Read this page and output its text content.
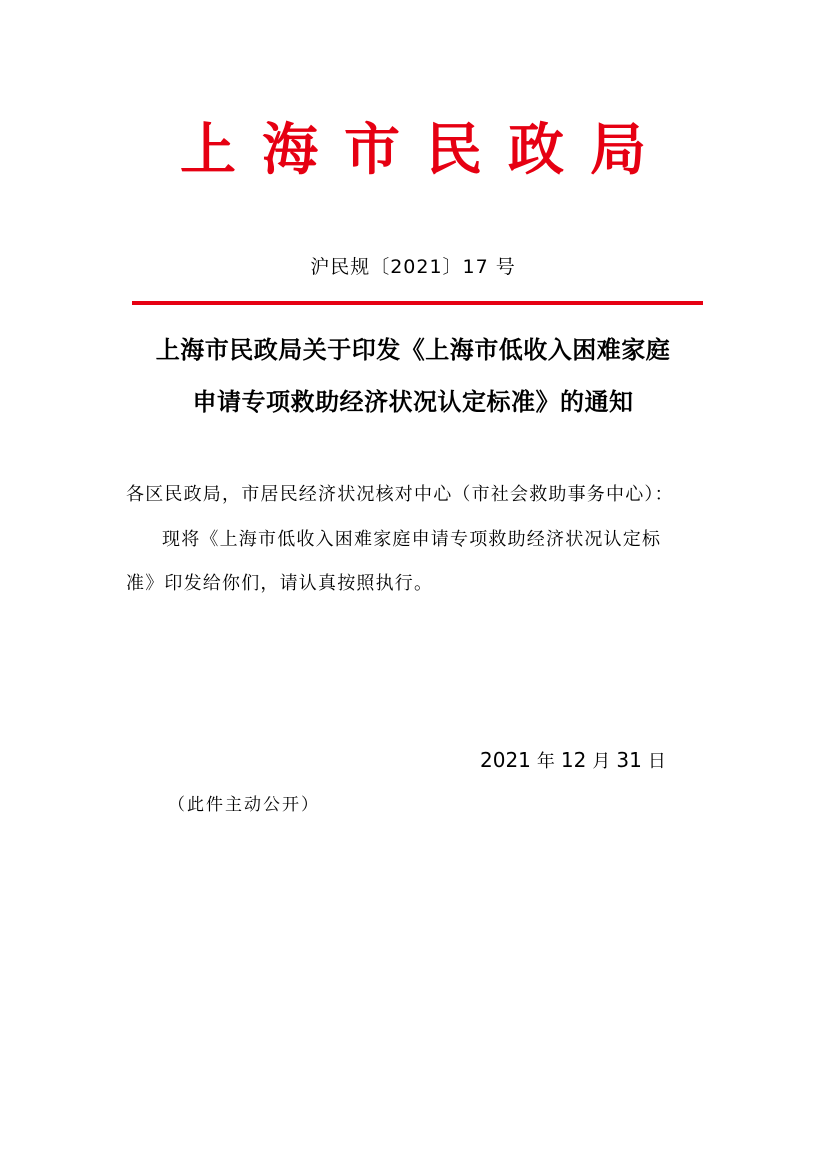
上海市民政局
沪民规〔2021〕17 号
上海市民政局关于印发《上海市低收入困难家庭
申请专项救助经济状况认定标准》的通知
各区民政局，市居民经济状况核对中心（市社会救助事务中心）：
现将《上海市低收入困难家庭申请专项救助经济状况认定标
准》印发给你们，请认真按照执行。
2021 年 12 月 31 日
（此件主动公开）
